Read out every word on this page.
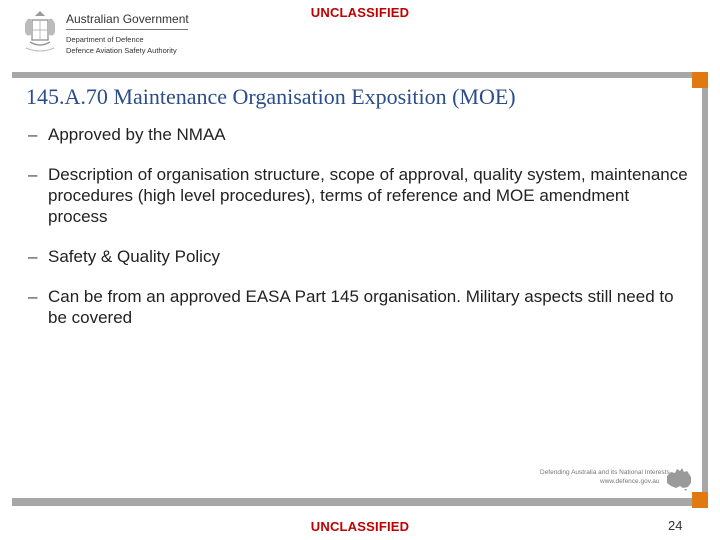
UNCLASSIFIED
Australian Government
Department of Defence
Defence Aviation Safety Authority
145.A.70 Maintenance Organisation Exposition (MOE)
– Approved by the NMAA
– Description of organisation structure, scope of approval, quality system, maintenance procedures (high level procedures), terms of reference and MOE amendment process
– Safety & Quality Policy
– Can be from an approved EASA Part 145 organisation. Military aspects still need to be covered
Defending Australia and its National Interests
www.defence.gov.au
UNCLASSIFIED	24
